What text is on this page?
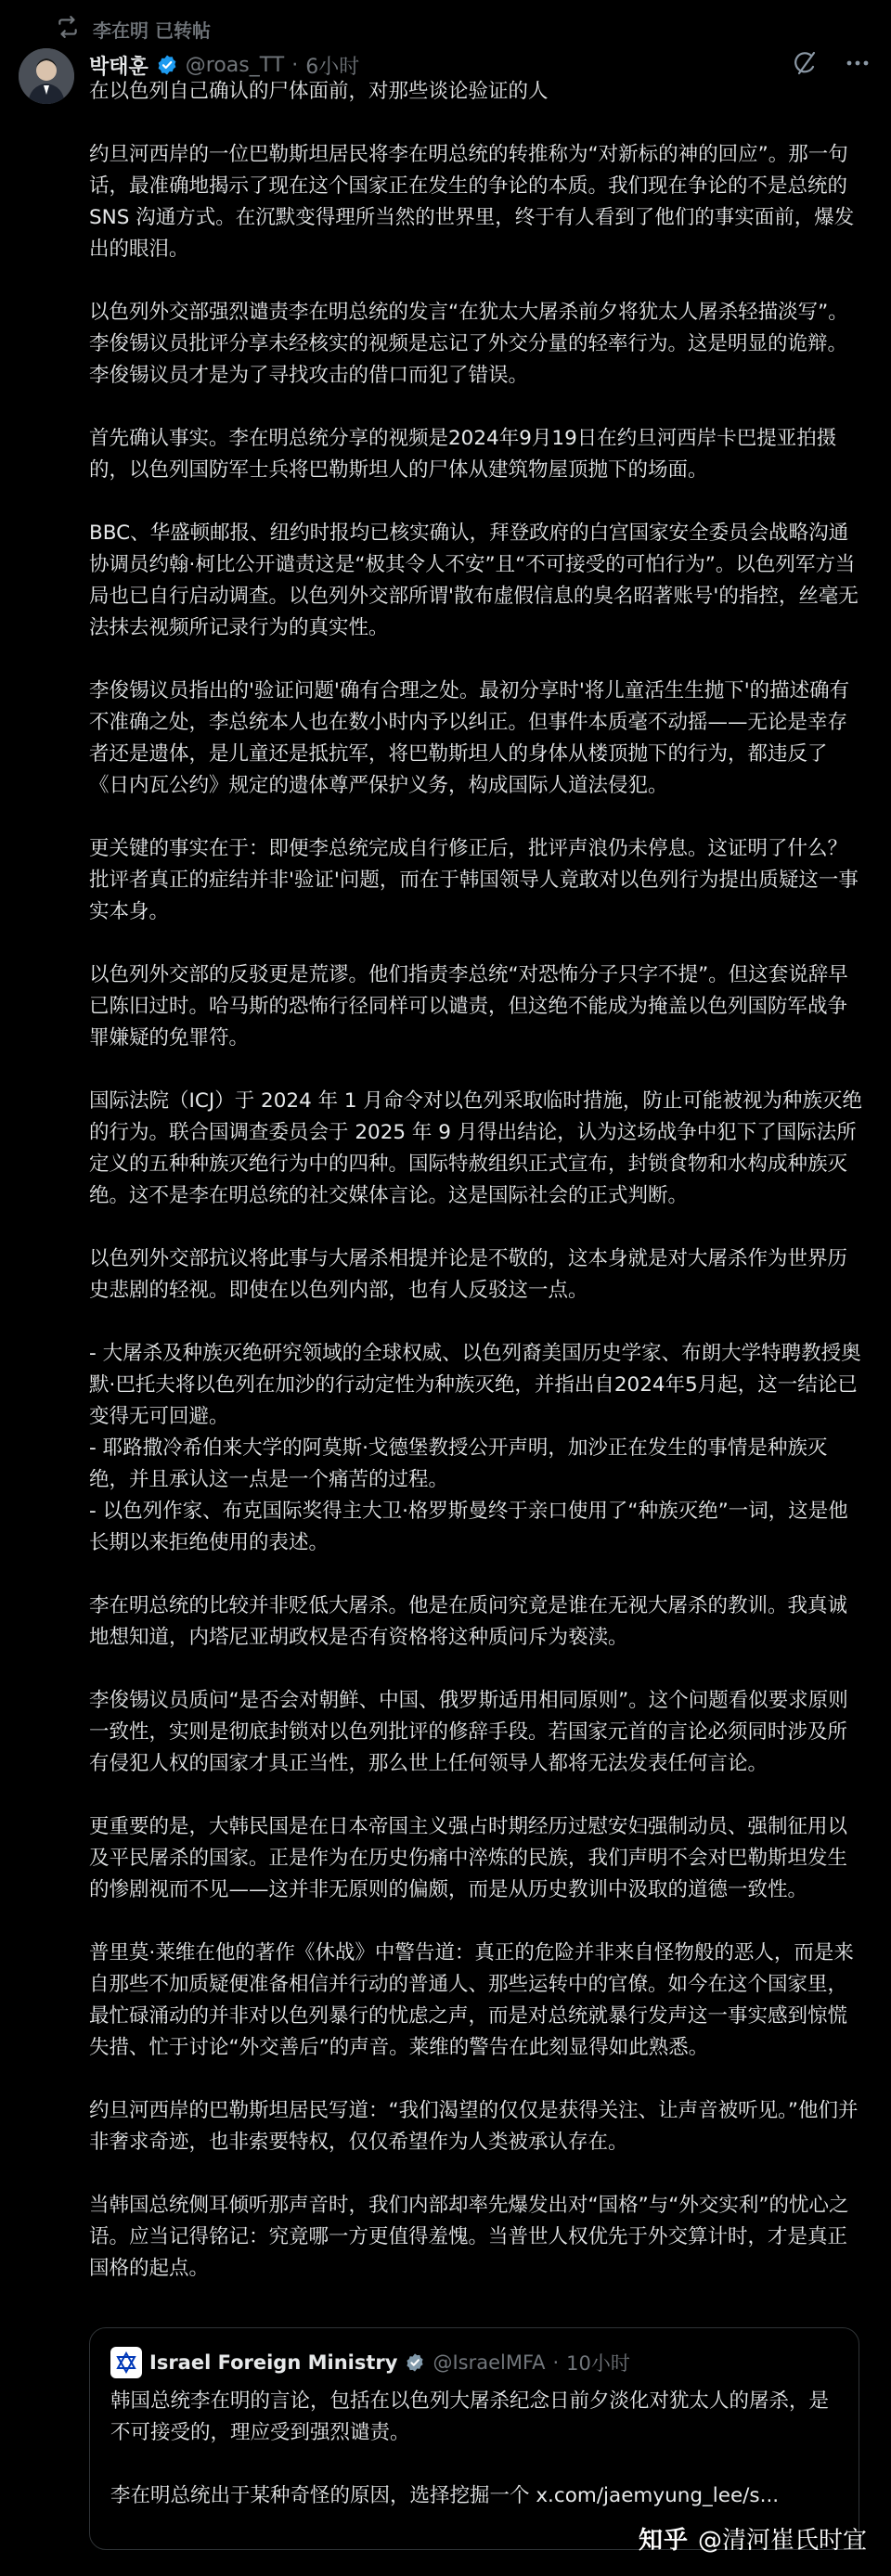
李在明 已转帖
박태훈 @roas_TT · 6小时

在以色列自己确认的尸体面前，对那些谈论验证的人

约旦河西岸的一位巴勒斯坦居民将李在明总统的转推称为“对新标的神的回应”。那一句话，最准确地揭示了现在这个国家正在发生的争论的本质。我们现在争论的不是总统的 SNS 沟通方式。在沉默变得理所当然的世界里，终于有人看到了他们的事实面前，爆发出的眼泪。

以色列外交部强烈谴责李在明总统的发言“在犹太大屠杀前夕将犹太人屠杀轻描淡写”。李俊锡议员批评分享未经核实的视频是忘记了外交分量的轻率行为。这是明显的诡辩。李俊锡议员才是为了寻找攻击的借口而犯了错误。

首先确认事实。李在明总统分享的视频是2024年9月19日在约旦河西岸卡巴提亚拍摄的，以色列国防军士兵将巴勒斯坦人的尸体从建筑物屋顶抛下的场面。

BBC、华盛顿邮报、纽约时报均已核实确认，拜登政府的白宫国家安全委员会战略沟通协调员约翰·柯比公开谴责这是“极其令人不安”且“不可接受的可怕行为”。以色列军方当局也已自行启动调查。以色列外交部所谓'散布虚假信息的臭名昭著账号'的指控，丝毫无法抹去视频所记录行为的真实性。

李俊锡议员指出的'验证问题'确有合理之处。最初分享时'将儿童活生生抛下'的描述确有不准确之处，李总统本人也在数小时内予以纠正。但事件本质毫不动摇——无论是幸存者还是遗体，是儿童还是抵抗军，将巴勒斯坦人的身体从楼顶抛下的行为，都违反了《日内瓦公约》规定的遗体尊严保护义务，构成国际人道法侵犯。

更关键的事实在于：即便李总统完成自行修正后，批评声浪仍未停息。这证明了什么？批评者真正的症结并非'验证'问题，而在于韩国领导人竟敢对以色列行为提出质疑这一事实本身。

以色列外交部的反驳更是荒谬。他们指责李总统“对恐怖分子只字不提”。但这套说辞早已陈旧过时。哈马斯的恐怖行径同样可以谴责，但这绝不能成为掩盖以色列国防军战争罪嫌疑的免罪符。

国际法院（ICJ）于 2024 年 1 月命令对以色列采取临时措施，防止可能被视为种族灭绝的行为。联合国调查委员会于 2025 年 9 月得出结论，认为这场战争中犯下了国际法所定义的五种种族灭绝行为中的四种。国际特赦组织正式宣布，封锁食物和水构成种族灭绝。这不是李在明总统的社交媒体言论。这是国际社会的正式判断。

以色列外交部抗议将此事与大屠杀相提并论是不敬的，这本身就是对大屠杀作为世界历史悲剧的轻视。即使在以色列内部，也有人反驳这一点。

- 大屠杀及种族灭绝研究领域的全球权威、以色列裔美国历史学家、布朗大学特聘教授奥默·巴托夫将以色列在加沙的行动定性为种族灭绝，并指出自2024年5月起，这一结论已变得无可回避。
- 耶路撒冷希伯来大学的阿莫斯·戈德堡教授公开声明，加沙正在发生的事情是种族灭绝，并且承认这一点是一个痛苦的过程。
- 以色列作家、布克国际奖得主大卫·格罗斯曼终于亲口使用了“种族灭绝”一词，这是他长期以来拒绝使用的表述。

李在明总统的比较并非贬低大屠杀。他是在质问究竟是谁在无视大屠杀的教训。我真诚地想知道，内塔尼亚胡政权是否有资格将这种质问斥为亵渎。

李俊锡议员质问“是否会对朝鲜、中国、俄罗斯适用相同原则”。这个问题看似要求原则一致性，实则是彻底封锁对以色列批评的修辞手段。若国家元首的言论必须同时涉及所有侵犯人权的国家才具正当性，那么世上任何领导人都将无法发表任何言论。

更重要的是，大韩民国是在日本帝国主义强占时期经历过慰安妇强制动员、强制征用以及平民屠杀的国家。正是作为在历史伤痛中淬炼的民族，我们声明不会对巴勒斯坦发生的惨剧视而不见——这并非无原则的偏颇，而是从历史教训中汲取的道德一致性。

普里莫·莱维在他的著作《休战》中警告道：真正的危险并非来自怪物般的恶人，而是来自那些不加质疑便准备相信并行动的普通人、那些运转中的官僚。如今在这个国家里，最忙碌涌动的并非对以色列暴行的忧虑之声，而是对总统就暴行发声这一事实感到惊慌失措、忙于讨论“外交善后”的声音。莱维的警告在此刻显得如此熟悉。

约旦河西岸的巴勒斯坦居民写道：“我们渴望的仅仅是获得关注、让声音被听见。”他们并非奢求奇迹，也非索要特权，仅仅希望作为人类被承认存在。

当韩国总统侧耳倾听那声音时，我们内部却率先爆发出对“国格”与“外交实利”的忧心之语。应当记得铭记：究竟哪一方更值得羞愧。当普世人权优先于外交算计时，才是真正国格的起点。

Israel Foreign Ministry @IsraelMFA · 10小时

韩国总统李在明的言论，包括在以色列大屠杀纪念日前夕淡化对犹太人的屠杀，是不可接受的，理应受到强烈谴责。

李在明总统出于某种奇怪的原因，选择挖掘一个 x.com/jaemyung_lee/s...

知乎 @清河崔氏时宜
